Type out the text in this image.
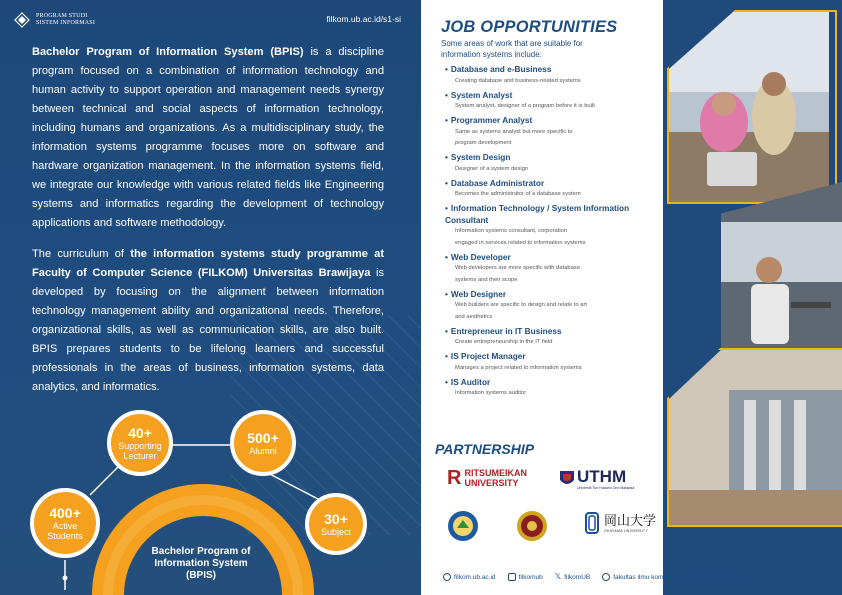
PROGRAM STUDI
SISTEM INFORMASI	filkom.ub.ac.id/s1-si

Bachelor Program of Information System (BPIS) is a discipline program focused on a combination of information technology and human activity to support operation and management needs synergy between technical and social aspects of information technology, including humans and organizations. As a multidisciplinary study, the information systems programme focuses more on software and hardware organization management. In the information systems field, we integrate our knowledge with various related fields like Engineering systems and informatics regarding the development of technology applications and software methodology.

The curriculum of the information systems study programme at Faculty of Computer Science (FILKOM) Universitas Brawijaya is developed by focusing on the alignment between information technology management ability and organizational needs. Therefore, organizational skills, as well as communication skills, are also built. BPIS prepares students to be lifelong learners and successful professionals in the areas of business, information systems, data analytics, and informatics.

40+
Supporting
Lecturer
500+
Alumni
400+
Active
Students
30+
Subject
Bachelor Program of
Information System
(BPIS)
JOB OPPORTUNITIES
Some areas of work that are suitable for information systems include:
• Database and e-Business
Creating database and business-related systems
• System Analyst
System analyst, designer of a program before it is built
• Programmer Analyst
Same as systems analyst but more specific to
program development
• System Design
Designer of a system design
• Database Administrator
Becomes the administrator of a database system
• Information Technology / System Information Consultant
Information systems consultant, corporation
engaged in services related to information systems
• Web Developer
Web developers are more specific with database
systems and their scope
• Web Designer
Web builders are specific to design and relate to art
and aesthetics
• Entrepreneur in IT Business
Create entrepreneurship in the IT field
• IS Project Manager
Manages a project related to information systems
• IS Auditor
Information systems auditor
PARTNERSHIP
R RITSUMEIKAN
UNIVERSITY	UTHM
Universiti Tun Hussein Onn Malaysia
岡山大学
OKAYAMA UNIVERSITY
filkom.ub.ac.id	filkomub 𝕏 filkomUB	fakultas ilmu komputer	filkombrawijaya
